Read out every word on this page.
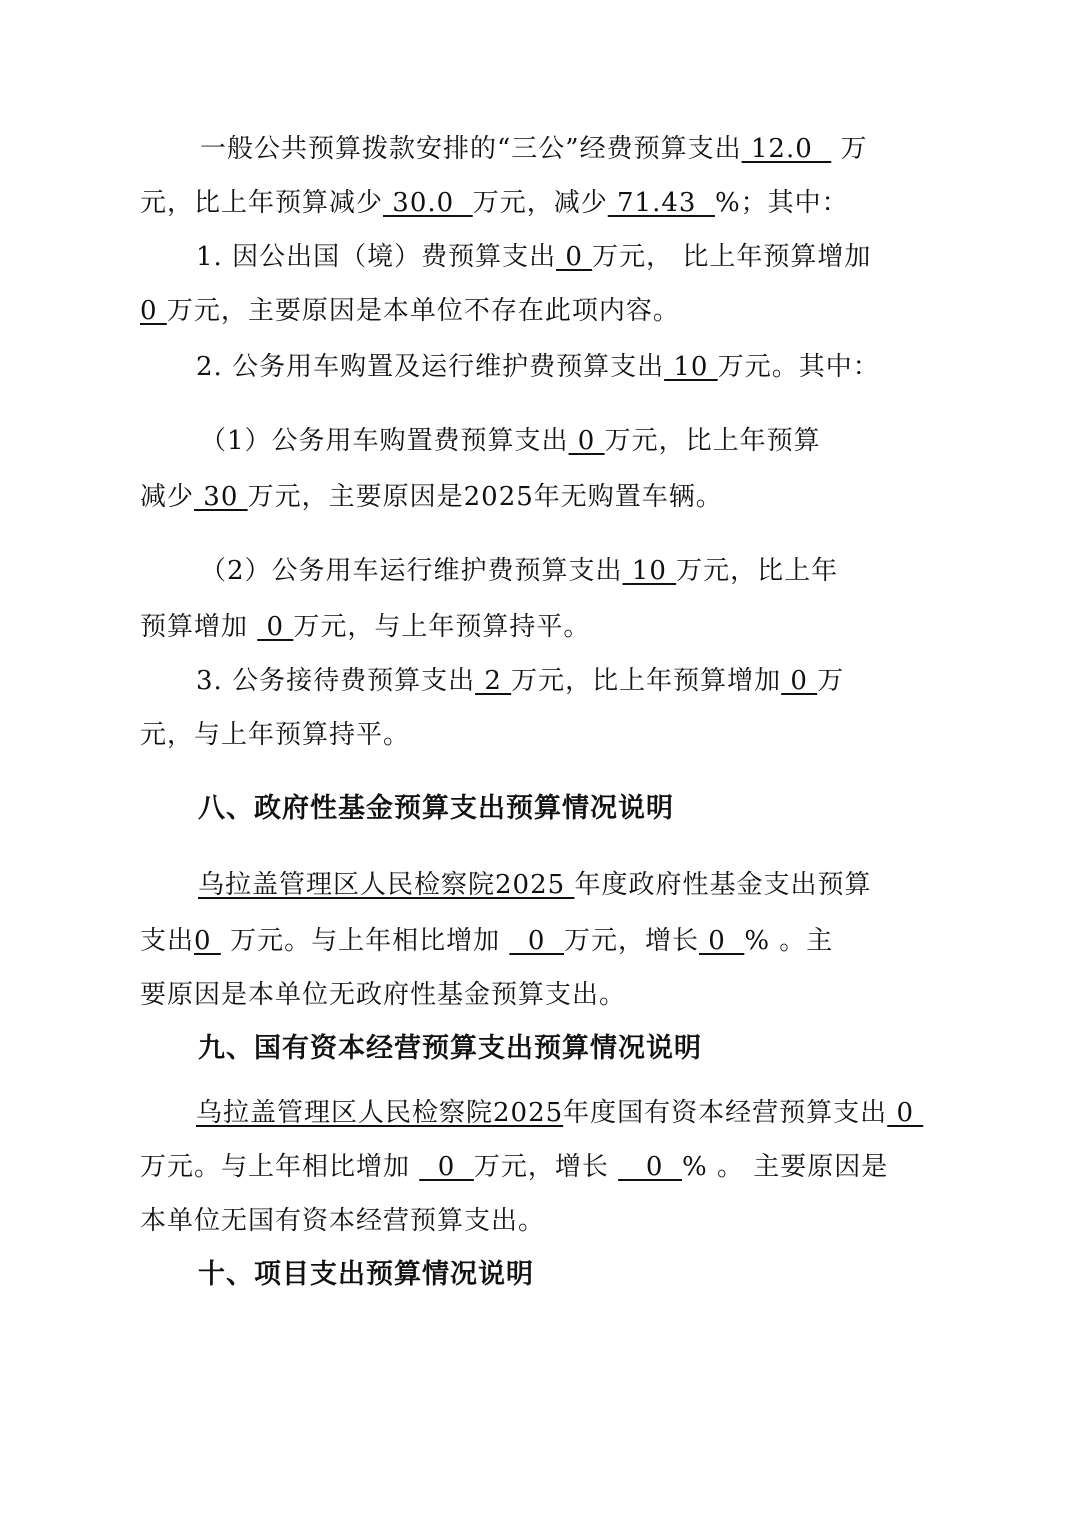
一般公共预算拨款安排的“三公”经费预算支出 12.0   万
元，比上年预算减少 30.0  万元，减少 71.43  %；其中：
1. 因公出国（境）费预算支出 0 万元， 比上年预算增加
0 万元，主要原因是本单位不存在此项内容。
2. 公务用车购置及运行维护费预算支出 10 万元。其中：
（1）公务用车购置费预算支出 0 万元，比上年预算
减少 30 万元，主要原因是2025年无购置车辆。
（2）公务用车运行维护费预算支出 10 万元，比上年
预算增加  0 万元，与上年预算持平。
3. 公务接待费预算支出 2 万元，比上年预算增加 0 万
元，与上年预算持平。
八、政府性基金预算支出预算情况说明
乌拉盖管理区人民检察院2025 年度政府性基金支出预算
支出0  万元。与上年相比增加   0  万元，增长 0  % 。主
要原因是本单位无政府性基金预算支出。
九、国有资本经营预算支出预算情况说明
乌拉盖管理区人民检察院2025年度国有资本经营预算支出 0
万元。与上年相比增加   0  万元，增长    0  % 。 主要原因是
本单位无国有资本经营预算支出。
十、项目支出预算情况说明
